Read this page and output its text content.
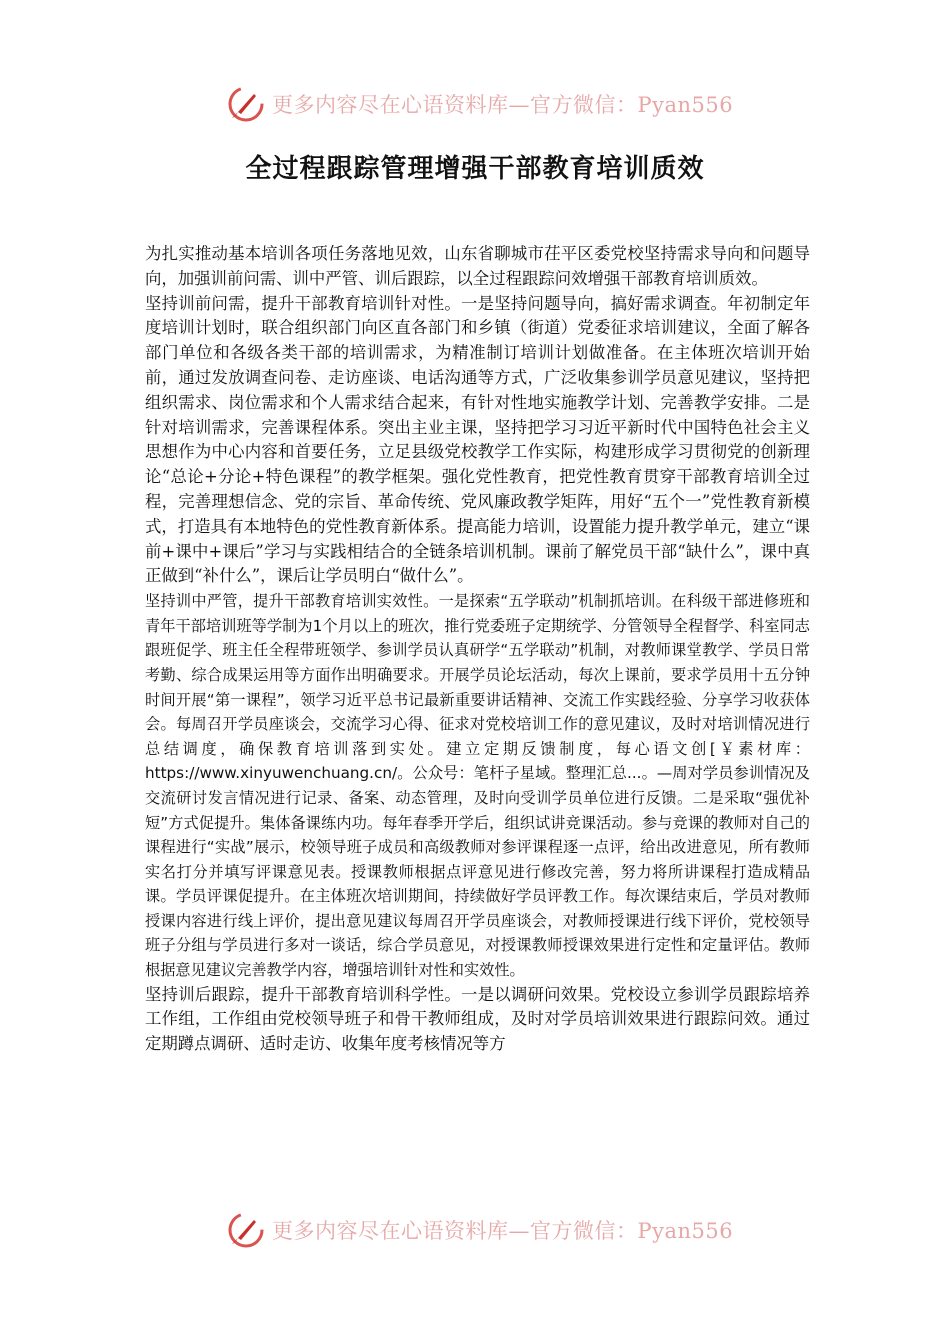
更多内容尽在心语资料库—官方微信：Pyan556
全过程跟踪管理增强干部教育培训质效

为扎实推动基本培训各项任务落地见效，山东省聊城市茌平区委党校坚持需求导向和问题导向，加强训前问需、训中严管、训后跟踪，以全过程跟踪问效增强干部教育培训质效。

坚持训前问需，提升干部教育培训针对性。一是坚持问题导向，搞好需求调查。年初制定年度培训计划时，联合组织部门向区直各部门和乡镇（街道）党委征求培训建议，全面了解各部门单位和各级各类干部的培训需求，为精准制订培训计划做准备。在主体班次培训开始前，通过发放调查问卷、走访座谈、电话沟通等方式，广泛收集参训学员意见建议，坚持把组织需求、岗位需求和个人需求结合起来，有针对性地实施教学计划、完善教学安排。二是针对培训需求，完善课程体系。突出主业主课，坚持把学习习近平新时代中国特色社会主义思想作为中心内容和首要任务，立足县级党校教学工作实际，构建形成学习贯彻党的创新理论“总论+分论+特色课程”的教学框架。强化党性教育，把党性教育贯穿干部教育培训全过程，完善理想信念、党的宗旨、革命传统、党风廉政教学矩阵，用好“五个一”党性教育新模式，打造具有本地特色的党性教育新体系。提高能力培训，设置能力提升教学单元，建立“课前+课中+课后”学习与实践相结合的全链条培训机制。课前了解党员干部“缺什么”，课中真正做到“补什么”，课后让学员明白“做什么”。

坚持训中严管，提升干部教育培训实效性。一是探索“五学联动”机制抓培训。在科级干部进修班和青年干部培训班等学制为1个月以上的班次，推行党委班子定期统学、分管领导全程督学、科室同志跟班促学、班主任全程带班领学、参训学员认真研学“五学联动”机制，对教师课堂教学、学员日常考勤、综合成果运用等方面作出明确要求。开展学员论坛活动，每次上课前，要求学员用十五分钟时间开展“第一课程”，领学习近平总书记最新重要讲话精神、交流工作实践经验、分享学习收获体会。每周召开学员座谈会，交流学习心得、征求对党校培训工作的意见建议，及时对培训情况进行总结调度，确保教育培训落到实处。建立定期反馈制度，每心语文创[￥素材库：https://www.xinyuwenchuang.cn/。公众号：笔杆子星域。整理汇总...。—周对学员参训情况及交流研讨发言情况进行记录、备案、动态管理，及时向受训学员单位进行反馈。二是采取“强优补短”方式促提升。集体备课练内功。每年春季开学后，组织试讲竞课活动。参与竞课的教师对自己的课程进行“实战”展示，校领导班子成员和高级教师对参评课程逐一点评，给出改进意见，所有教师实名打分并填写评课意见表。授课教师根据点评意见进行修改完善，努力将所讲课程打造成精品课。学员评课促提升。在主体班次培训期间，持续做好学员评教工作。每次课结束后，学员对教师授课内容进行线上评价，提出意见建议每周召开学员座谈会，对教师授课进行线下评价，党校领导班子分组与学员进行多对一谈话，综合学员意见，对授课教师授课效果进行定性和定量评估。教师根据意见建议完善教学内容，增强培训针对性和实效性。

坚持训后跟踪，提升干部教育培训科学性。一是以调研问效果。党校设立参训学员跟踪培养工作组，工作组由党校领导班子和骨干教师组成，及时对学员培训效果进行跟踪问效。通过定期蹲点调研、适时走访、收集年度考核情况等方

更多内容尽在心语资料库—官方微信：Pyan556
